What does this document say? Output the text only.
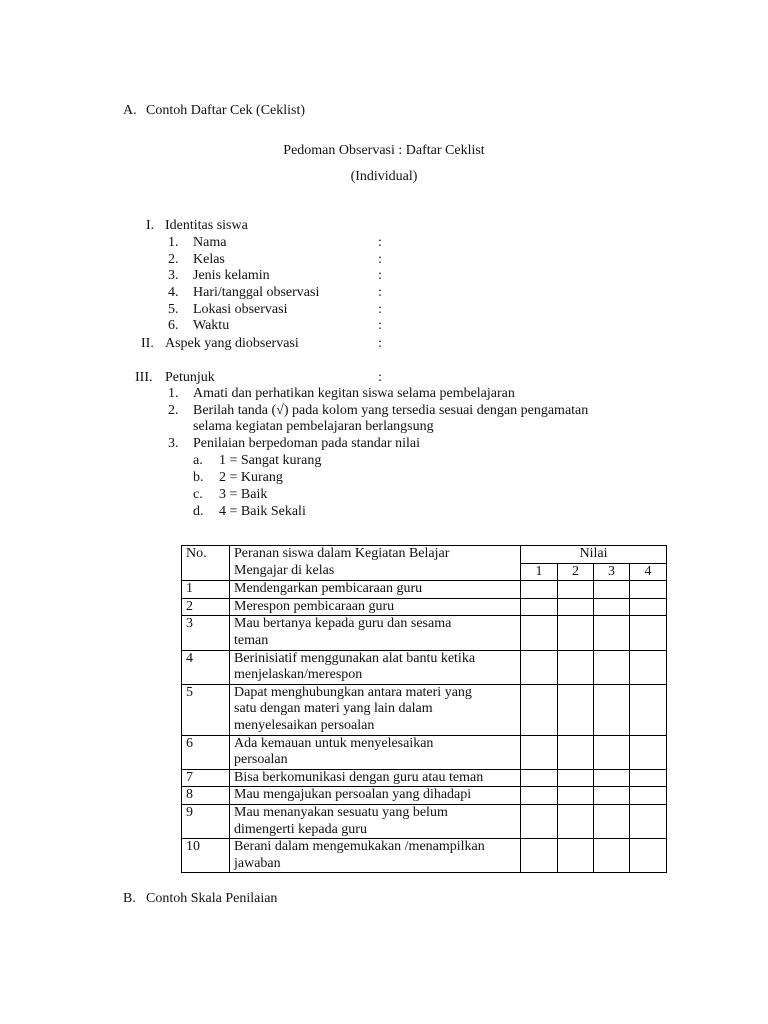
A. Contoh Daftar Cek (Ceklist)
Pedoman Observasi : Daftar Ceklist
(Individual)
I. Identitas siswa
1. Nama	:
2. Kelas	:
3. Jenis kelamin	:
4. Hari/tanggal observasi	:
5. Lokasi observasi	:
6. Waktu	:
II. Aspek yang diobservasi	:
III. Petunjuk	:
1. Amati dan perhatikan kegitan siswa selama pembelajaran
2. Berilah tanda (√) pada kolom yang tersedia sesuai dengan pengamatan
selama kegiatan pembelajaran berlangsung
3. Penilaian berpedoman pada standar nilai
a. 1 = Sangat kurang
b. 2 = Kurang
c. 3 = Baik
d. 4 = Baik Sekali
No.	Peranan siswa dalam Kegiatan Belajar
Mengajar di kelas	Nilai			
		1	2	3	4
1	Mendengarkan pembicaraan guru				

2	Merespon pembicaraan guru				

3	Mau bertanya kepada guru dan sesama
teman				

4	Berinisiatif menggunakan alat bantu ketika
menjelaskan/merespon				

5	Dapat menghubungkan antara materi yang
satu dengan materi yang lain dalam
menyelesaikan persoalan				

6	Ada kemauan untuk menyelesaikan
persoalan				

7	Bisa berkomunikasi dengan guru atau teman				

8	Mau mengajukan persoalan yang dihadapi				

9	Mau menanyakan sesuatu yang belum
dimengerti kepada guru				

10	Berani dalam mengemukakan /menampilkan
jawaban				

B. Contoh Skala Penilaian
